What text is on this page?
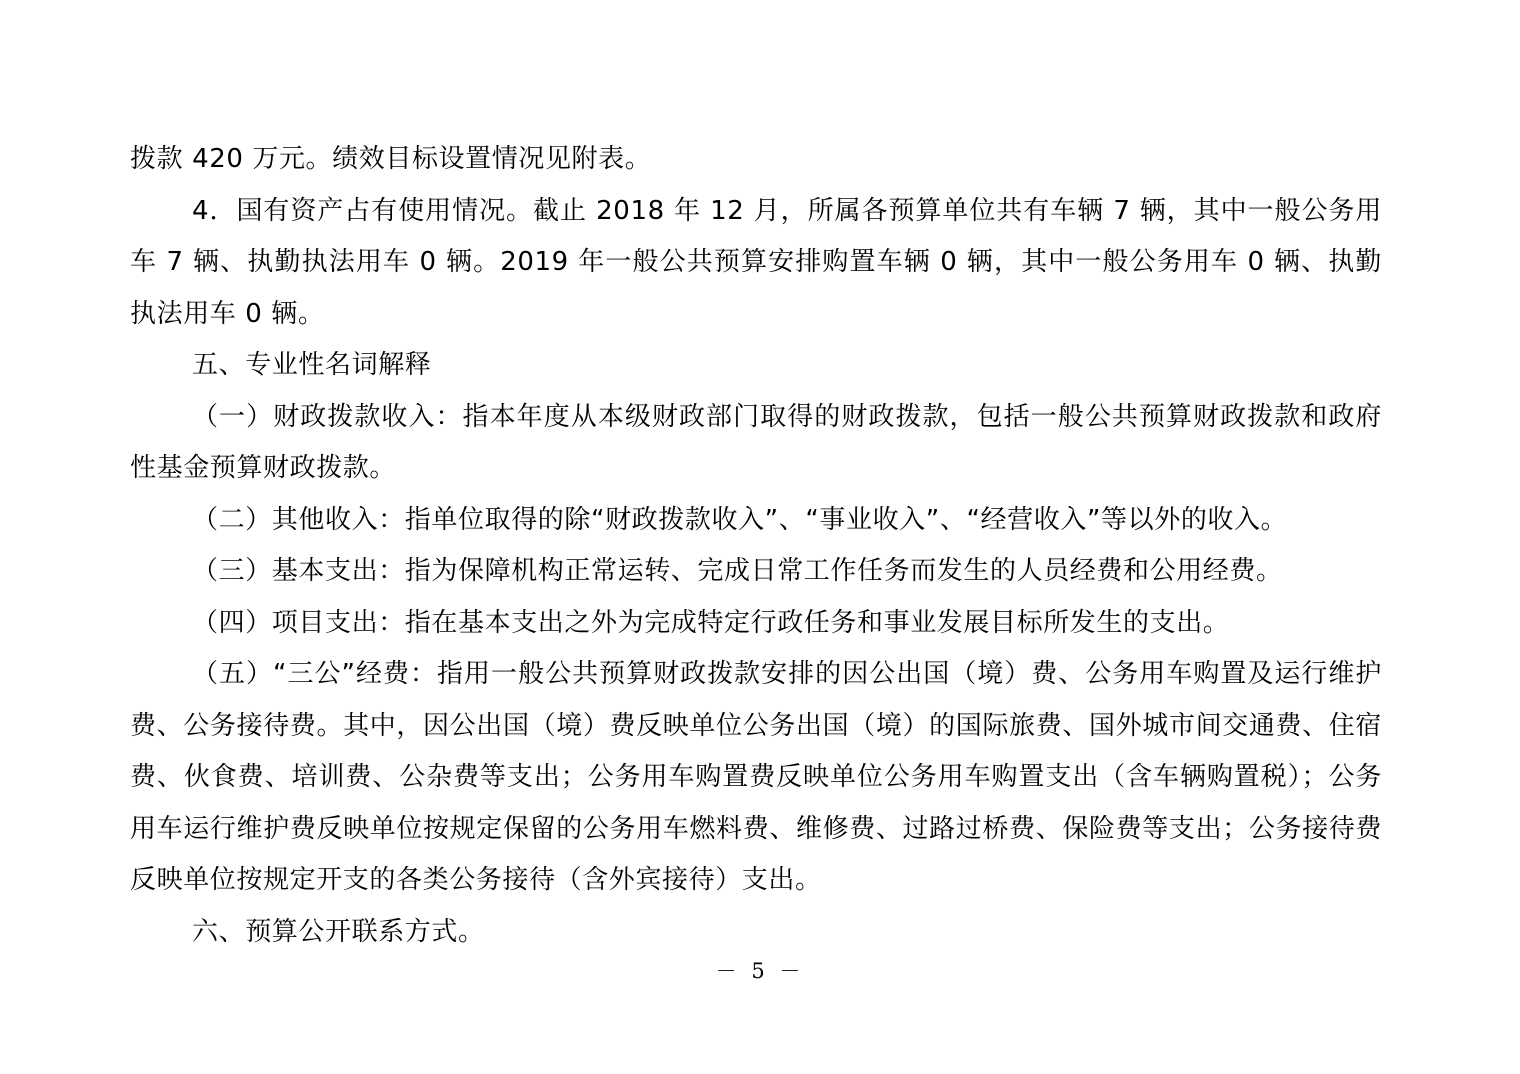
拨款 420 万元。绩效目标设置情况见附表。

4．国有资产占有使用情况。截止 2018 年 12 月，所属各预算单位共有车辆 7 辆，其中一般公务用车 7 辆、执勤执法用车 0 辆。2019 年一般公共预算安排购置车辆 0 辆，其中一般公务用车 0 辆、执勤执法用车 0 辆。

五、专业性名词解释

（一）财政拨款收入：指本年度从本级财政部门取得的财政拨款，包括一般公共预算财政拨款和政府性基金预算财政拨款。

（二）其他收入：指单位取得的除“财政拨款收入”、“事业收入”、“经营收入”等以外的收入。

（三）基本支出：指为保障机构正常运转、完成日常工作任务而发生的人员经费和公用经费。

（四）项目支出：指在基本支出之外为完成特定行政任务和事业发展目标所发生的支出。

（五）“三公”经费：指用一般公共预算财政拨款安排的因公出国（境）费、公务用车购置及运行维护费、公务接待费。其中，因公出国（境）费反映单位公务出国（境）的国际旅费、国外城市间交通费、住宿费、伙食费、培训费、公杂费等支出；公务用车购置费反映单位公务用车购置支出（含车辆购置税）；公务用车运行维护费反映单位按规定保留的公务用车燃料费、维修费、过路过桥费、保险费等支出；公务接待费反映单位按规定开支的各类公务接待（含外宾接待）支出。

六、预算公开联系方式。

－ 5 －
